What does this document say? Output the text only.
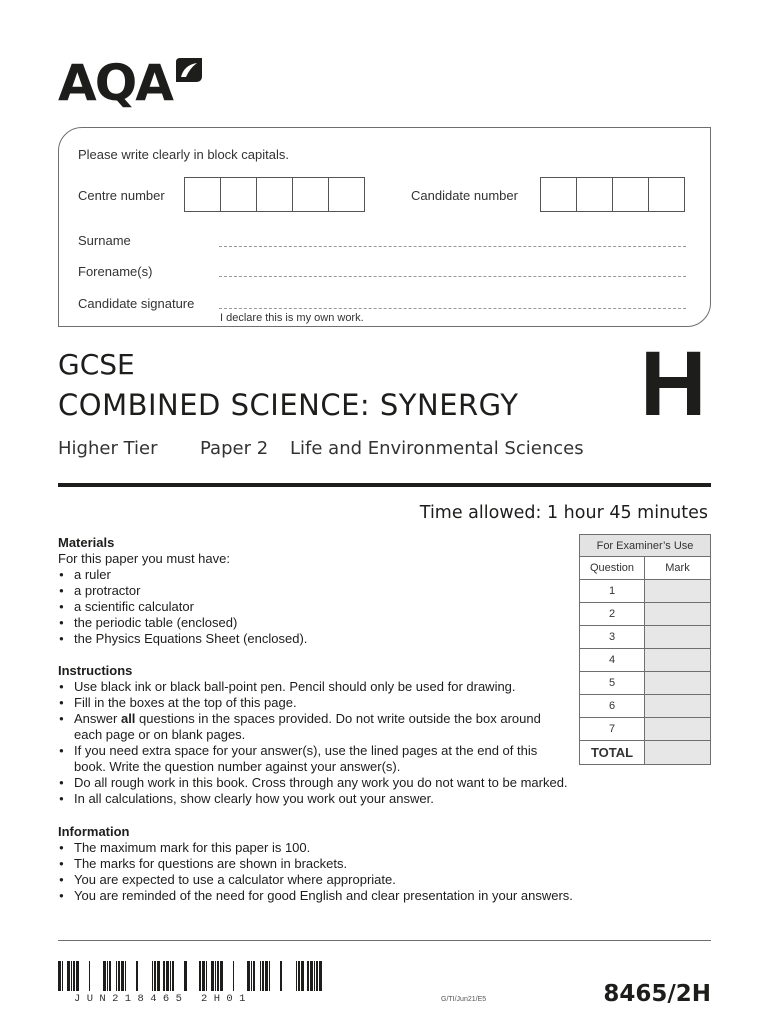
AQA
Please write clearly in block capitals.
Centre number	Candidate number
Surname
Forename(s)
Candidate signature
I declare this is my own work.
GCSE
COMBINED SCIENCE: SYNERGY H
Higher Tier Paper 2 Life and Environmental Sciences
Time allowed: 1 hour 45 minutes
Materials
For this paper you must have:
● a ruler
● a protractor
● a scientific calculator
● the periodic table (enclosed)
● the Physics Equations Sheet (enclosed).
Instructions
● Use black ink or black ball-point pen. Pencil should only be used for drawing.
● Fill in the boxes at the top of this page.
● Answer all questions in the spaces provided. Do not write outside the box around each page or on blank pages.
● If you need extra space for your answer(s), use the lined pages at the end of this book. Write the question number against your answer(s).
● Do all rough work in this book. Cross through any work you do not want to be marked.
● In all calculations, show clearly how you work out your answer.
Information
● The maximum mark for this paper is 100.
● The marks for questions are shown in brackets.
● You are expected to use a calculator where appropriate.
● You are reminded of the need for good English and clear presentation in your answers.
For Examiner’s Use	
Question	Mark
1	
2	
3	
4	
5	
6	
7	
TOTAL	
JUN218465 2H01	G/TI/Jun21/E5	8465/2H
